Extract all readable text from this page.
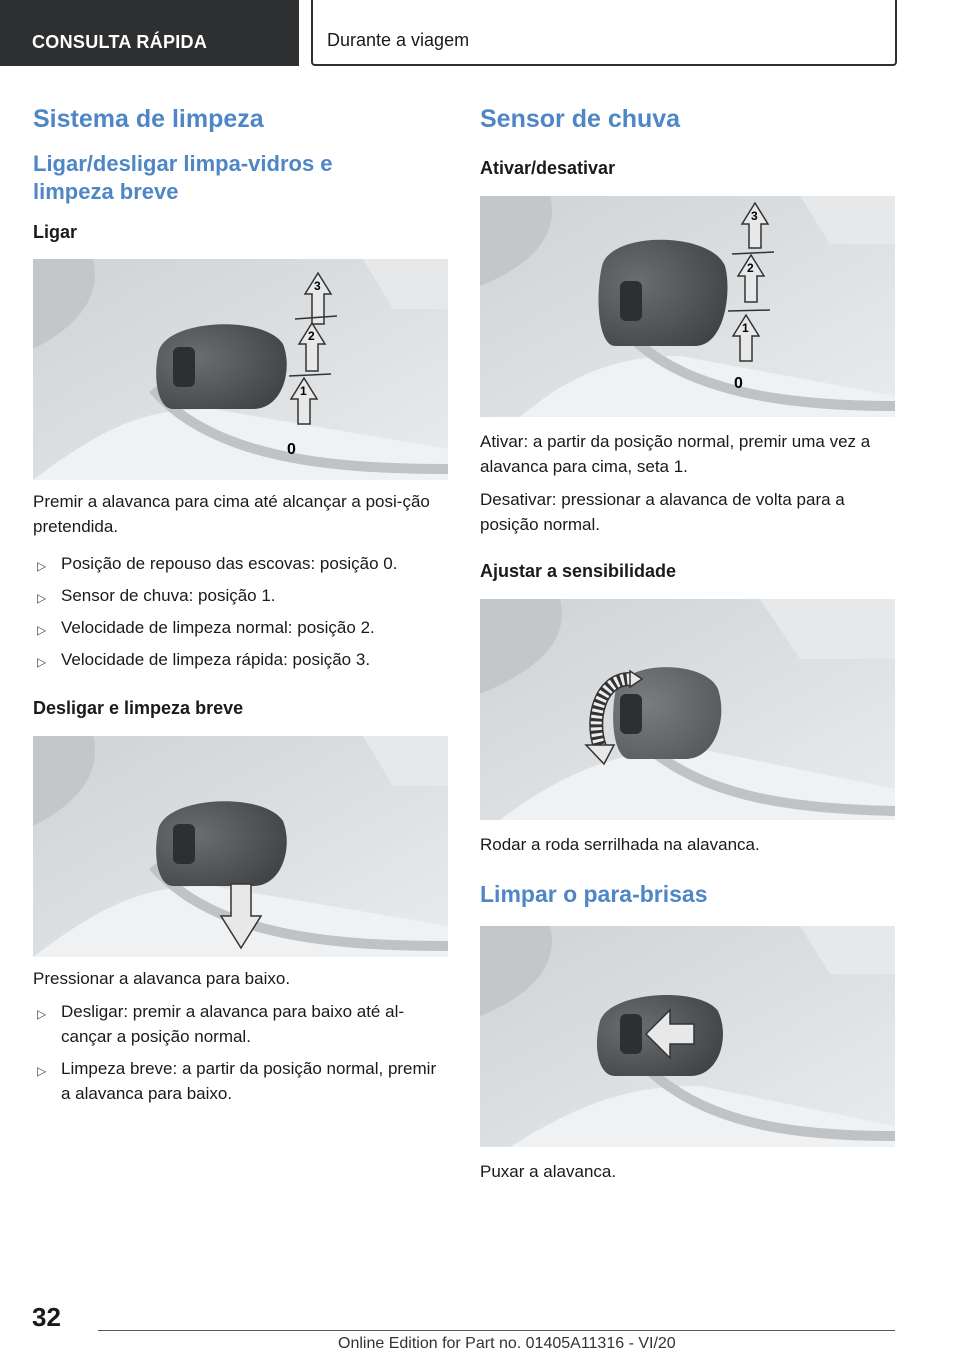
CONSULTA RÁPIDA	Durante a viagem
Sistema de limpeza
Ligar/desligar limpa-vidros e limpeza breve
Ligar
3
2
1
0

Premir a alavanca para cima até alcançar a posi-ção pretendida.

▷ Posição de repouso das escovas: posição 0.
▷ Sensor de chuva: posição 1.
▷ Velocidade de limpeza normal: posição 2.
▷ Velocidade de limpeza rápida: posição 3.
Desligar e limpeza breve

Pressionar a alavanca para baixo.

▷ Desligar: premir a alavanca para baixo até al-cançar a posição normal.
▷ Limpeza breve: a partir da posição normal, premir a alavanca para baixo.
Sensor de chuva
Ativar/desativar
3
2
1
0

Ativar: a partir da posição normal, premir uma vez a alavanca para cima, seta 1.

Desativar: pressionar a alavanca de volta para a posição normal.

Ajustar a sensibilidade

Rodar a roda serrilhada na alavanca.

Limpar o para-brisas

Puxar a alavanca.

32
Online Edition for Part no. 01405A11316 - VI/20
